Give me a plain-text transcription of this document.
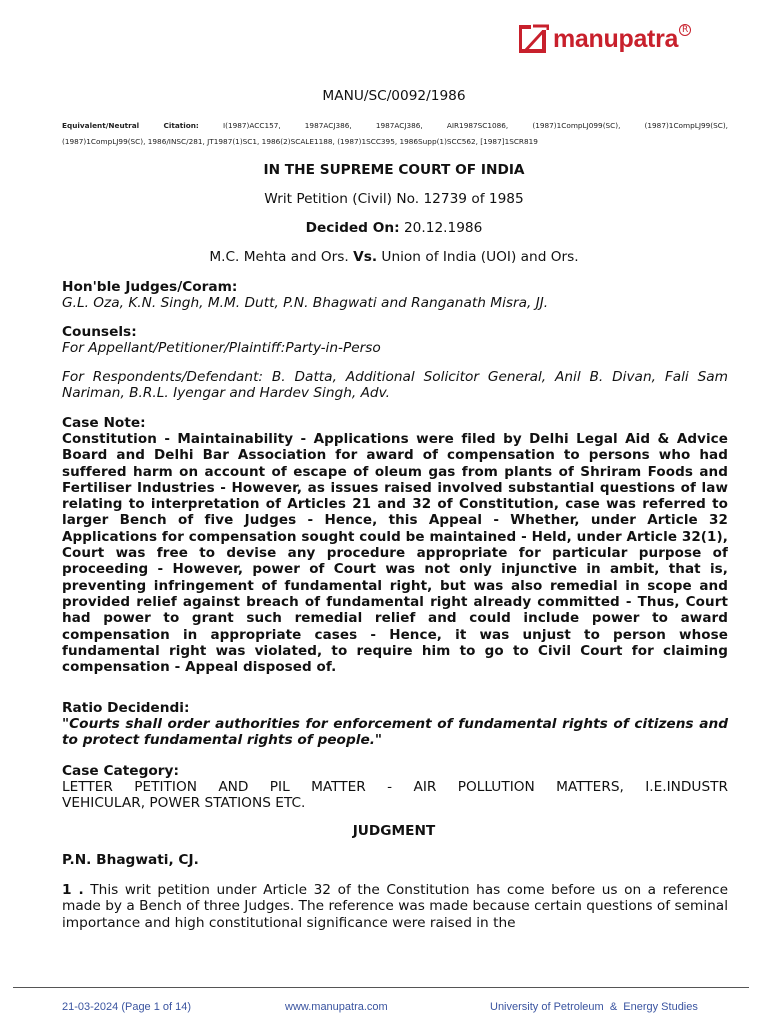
manupatra R
MANU/SC/0092/1986
Equivalent/Neutral Citation:	I(1987)ACC157, 1987ACJ386, 1987ACJ386, AIR1987SC1086, (1987)1CompLJ099(SC), (1987)1CompLJ99(SC),
(1987)1CompLJ99(SC), 1986/INSC/281, JT1987(1)SC1, 1986(2)SCALE1188, (1987)1SCC395, 1986Supp(1)SCC562, [1987]1SCR819
IN THE SUPREME COURT OF INDIA
Writ Petition (Civil) No. 12739 of 1985
Decided On: 20.12.1986
M.C. Mehta and Ors. Vs. Union of India (UOI) and Ors.
Hon'ble Judges/Coram:
G.L. Oza, K.N. Singh, M.M. Dutt, P.N. Bhagwati and Ranganath Misra, JJ.
Counsels:
For Appellant/Petitioner/Plaintiff:Party-in-Perso
For Respondents/Defendant: B. Datta, Additional Solicitor General, Anil B. Divan, Fali Sam Nariman, B.R.L. Iyengar and Hardev Singh, Adv.
Case Note:
Constitution - Maintainability - Applications were filed by Delhi Legal Aid & Advice Board and Delhi Bar Association for award of compensation to persons who had suffered harm on account of escape of oleum gas from plants of Shriram Foods and Fertiliser Industries - However, as issues raised involved substantial questions of law relating to interpretation of Articles 21 and 32 of Constitution, case was referred to larger Bench of five Judges - Hence, this Appeal - Whether, under Article 32 Applications for compensation sought could be maintained - Held, under Article 32(1), Court was free to devise any procedure appropriate for particular purpose of proceeding - However, power of Court was not only injunctive in ambit, that is, preventing infringement of fundamental right, but was also remedial in scope and provided relief against breach of fundamental right already committed - Thus, Court had power to grant such remedial relief and could include power to award compensation in appropriate cases - Hence, it was unjust to person whose fundamental right was violated, to require him to go to Civil Court for claiming compensation - Appeal disposed of.
Ratio Decidendi:
"Courts shall order authorities for enforcement of fundamental rights of citizens and to protect fundamental rights of people."
Case Category:
LETTER PETITION AND PIL MATTER - AIR POLLUTION MATTERS, I.E.INDUSTR
VEHICULAR, POWER STATIONS ETC.
JUDGMENT
P.N. Bhagwati, CJ.
1 . This writ petition under Article 32 of the Constitution has come before us on a reference made by a Bench of three Judges. The reference was made because certain questions of seminal importance and high constitutional significance were raised in the
21-03-2024 (Page 1 of 14)	www.manupatra.com	University of Petroleum  &  Energy Studies
